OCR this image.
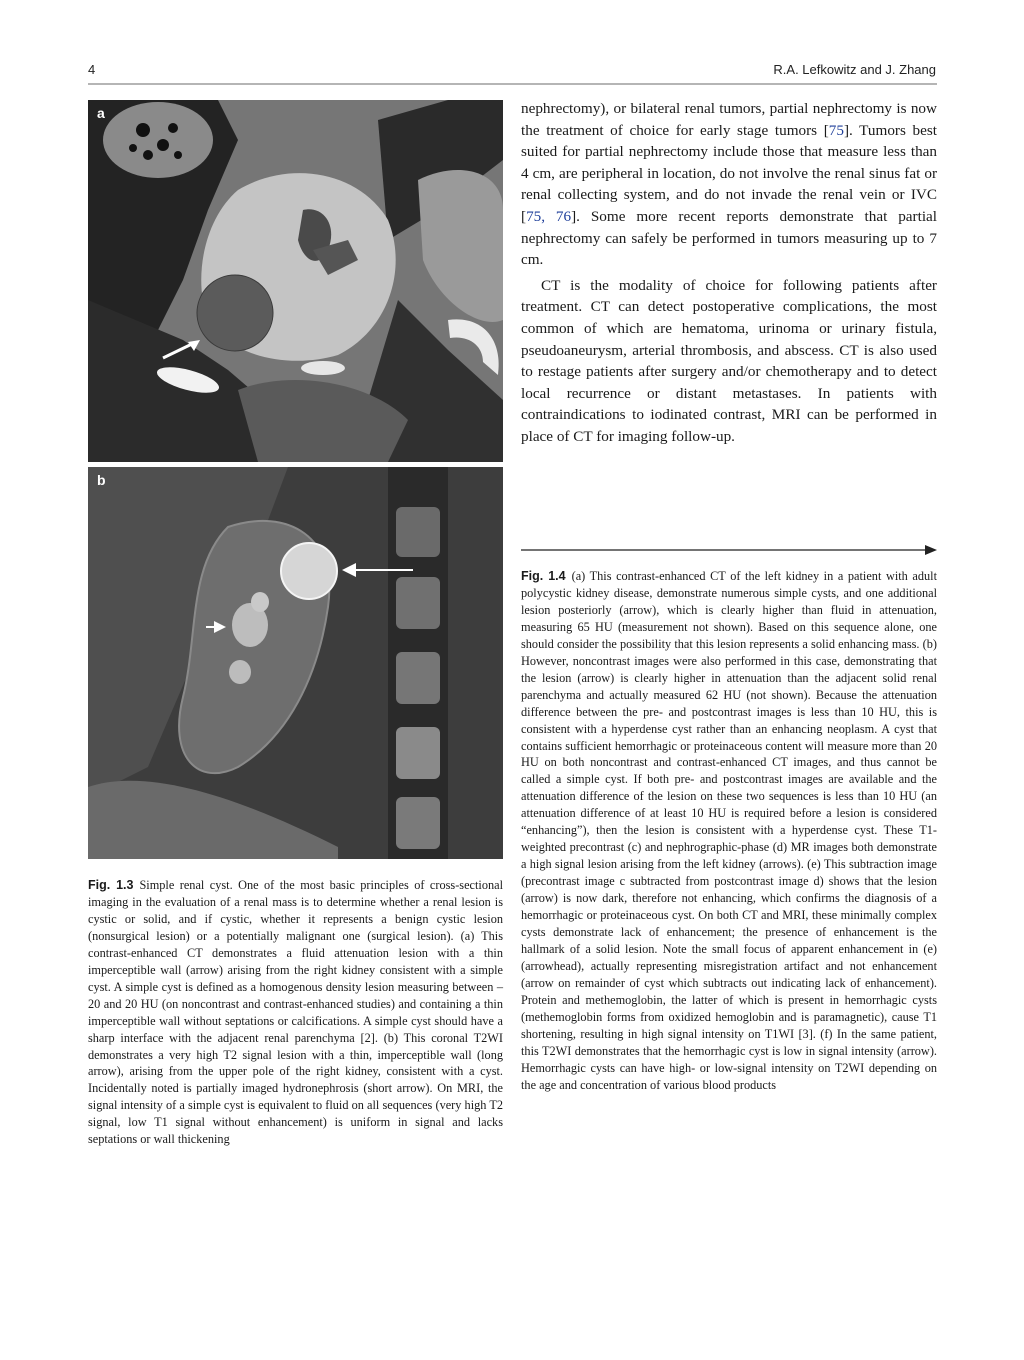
4	R.A. Lefkowitz and J. Zhang
a
b

nephrectomy), or bilateral renal tumors, partial nephrectomy is now the treatment of choice for early stage tumors [75]. Tumors best suited for partial nephrectomy include those that measure less than 4 cm, are peripheral in location, do not involve the renal sinus fat or renal collecting system, and do not invade the renal vein or IVC [75, 76]. Some more recent reports demonstrate that partial nephrectomy can safely be performed in tumors measuring up to 7 cm.

CT is the modality of choice for following patients after treatment. CT can detect postoperative complications, the most common of which are hematoma, urinoma or urinary fistula, pseudoaneurysm, arterial thrombosis, and abscess. CT is also used to restage patients after surgery and/or chemotherapy and to detect local recurrence or distant metastases. In patients with contraindications to iodinated contrast, MRI can be performed in place of CT for imaging follow-up.

Fig. 1.4 (a) This contrast-enhanced CT of the left kidney in a patient with adult polycystic kidney disease, demonstrate numerous simple cysts, and one additional lesion posteriorly (arrow), which is clearly higher than fluid in attenuation, measuring 65 HU (measurement not shown). Based on this sequence alone, one should consider the possibility that this lesion represents a solid enhancing mass. (b) However, noncontrast images were also performed in this case, demonstrating that the lesion (arrow) is clearly higher in attenuation than the adjacent solid renal parenchyma and actually measured 62 HU (not shown). Because the attenuation difference between the pre- and postcontrast images is less than 10 HU, this is consistent with a hyperdense cyst rather than an enhancing neoplasm. A cyst that contains sufficient hemorrhagic or proteinaceous content will measure more than 20 HU on both noncontrast and contrast-enhanced CT images, and thus cannot be called a simple cyst. If both pre- and postcontrast images are available and the attenuation difference of the lesion on these two sequences is less than 10 HU (an attenuation difference of at least 10 HU is required before a lesion is considered “enhancing”), then the lesion is consistent with a hyperdense cyst. These T1-weighted precontrast (c) and nephrographic-phase (d) MR images both demonstrate a high signal lesion arising from the left kidney (arrows). (e) This subtraction image (precontrast image c subtracted from postcontrast image d) shows that the lesion (arrow) is now dark, therefore not enhancing, which confirms the diagnosis of a hemorrhagic or proteinaceous cyst. On both CT and MRI, these minimally complex cysts demonstrate lack of enhancement; the presence of enhancement is the hallmark of a solid lesion. Note the small focus of apparent enhancement in (e) (arrowhead), actually representing misregistration artifact and not enhancement (arrow on remainder of cyst which subtracts out indicating lack of enhancement). Protein and methemoglobin, the latter of which is present in hemorrhagic cysts (methemoglobin forms from oxidized hemoglobin and is paramagnetic), cause T1 shortening, resulting in high signal intensity on T1WI [3]. (f) In the same patient, this T2WI demonstrates that the hemorrhagic cyst is low in signal intensity (arrow). Hemorrhagic cysts can have high- or low-signal intensity on T2WI depending on the age and concentration of various blood products
Fig. 1.3 Simple renal cyst. One of the most basic principles of cross-sectional imaging in the evaluation of a renal mass is to determine whether a renal lesion is cystic or solid, and if cystic, whether it represents a benign cystic lesion (nonsurgical lesion) or a potentially malignant one (surgical lesion). (a) This contrast-enhanced CT demonstrates a fluid attenuation lesion with a thin imperceptible wall (arrow) arising from the right kidney consistent with a simple cyst. A simple cyst is defined as a homogenous density lesion measuring between –20 and 20 HU (on noncontrast and contrast-enhanced studies) and containing a thin imperceptible wall without septations or calcifications. A simple cyst should have a sharp interface with the adjacent renal parenchyma [2]. (b) This coronal T2WI demonstrates a very high T2 signal lesion with a thin, imperceptible wall (long arrow), arising from the upper pole of the right kidney, consistent with a cyst. Incidentally noted is partially imaged hydronephrosis (short arrow). On MRI, the signal intensity of a simple cyst is equivalent to fluid on all sequences (very high T2 signal, low T1 signal without enhancement) is uniform in signal and lacks septations or wall thickening
